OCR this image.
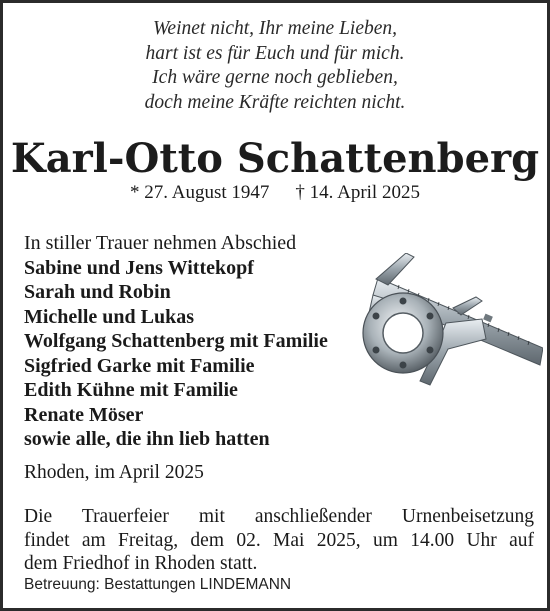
Weinet nicht, Ihr meine Lieben,
hart ist es für Euch und für mich.
Ich wäre gerne noch geblieben,
doch meine Kräfte reichten nicht.
Karl-Otto Schattenberg
* 27. August 1947 † 14. April 2025
In stiller Trauer nehmen Abschied
Sabine und Jens Wittekopf
Sarah und Robin
Michelle und Lukas
Wolfgang Schattenberg mit Familie
Sigfried Garke mit Familie
Edith Kühne mit Familie
Renate Möser
sowie alle, die ihn lieb hatten
Rhoden, im April 2025
Die Trauerfeier mit anschließender Urnenbeisetzung
findet am Freitag, dem 02. Mai 2025, um 14.00 Uhr auf
dem Friedhof in Rhoden statt.
Betreuung: Bestattungen LINDEMANN
